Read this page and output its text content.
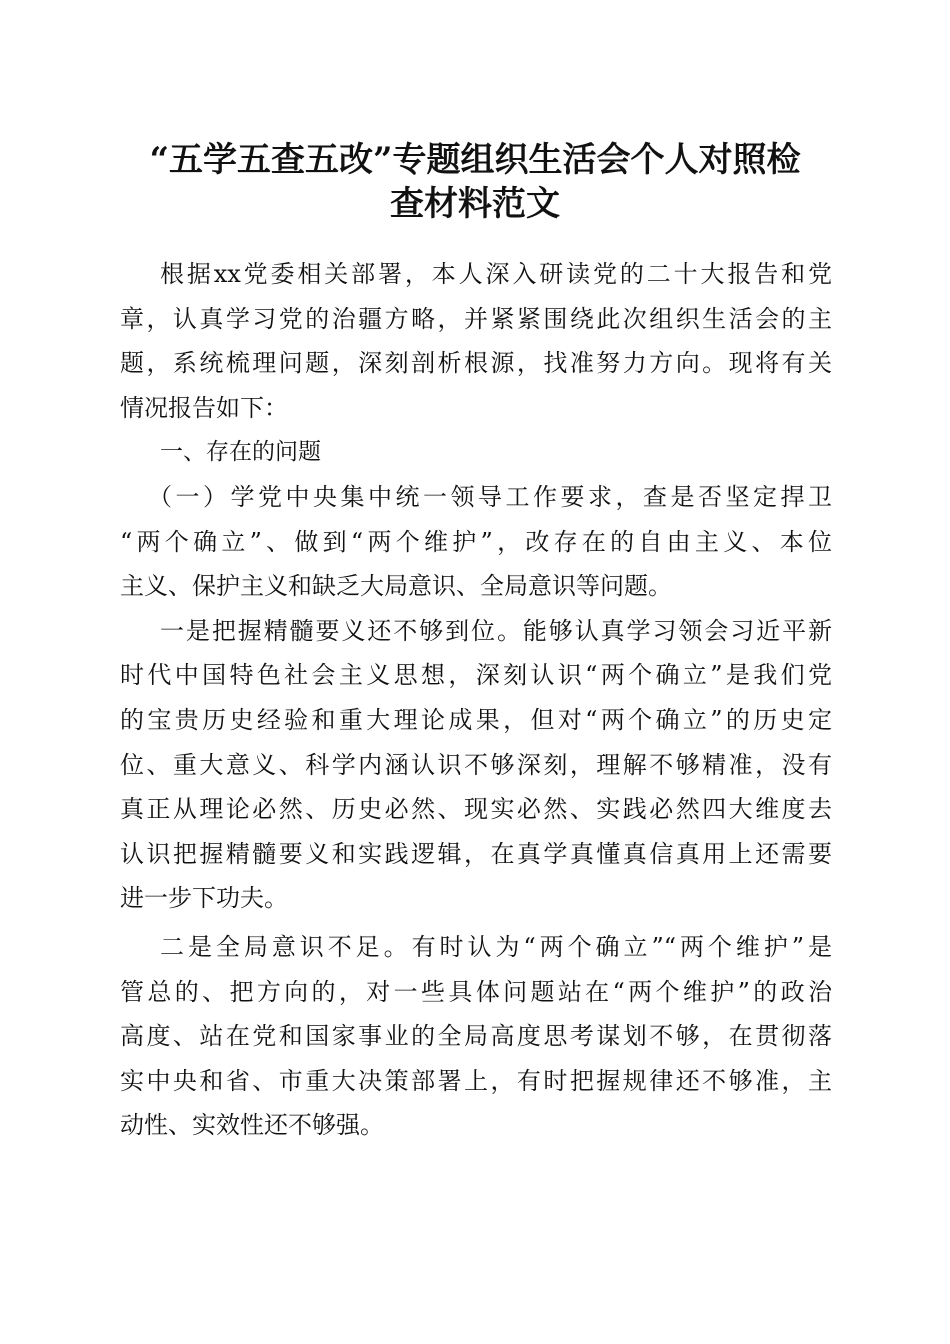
“五学五查五改”专题组织生活会个人对照检
查材料范文
根据xx党委相关部署，本人深入研读党的二十大报告和党
章，认真学习党的治疆方略，并紧紧围绕此次组织生活会的主
题，系统梳理问题，深刻剖析根源，找准努力方向。现将有关
情况报告如下：
一、存在的问题
（一）学党中央集中统一领导工作要求，查是否坚定捍卫
“两个确立”、做到“两个维护”，改存在的自由主义、本位
主义、保护主义和缺乏大局意识、全局意识等问题。
一是把握精髓要义还不够到位。能够认真学习领会习近平新
时代中国特色社会主义思想，深刻认识“两个确立”是我们党
的宝贵历史经验和重大理论成果，但对“两个确立”的历史定
位、重大意义、科学内涵认识不够深刻，理解不够精准，没有
真正从理论必然、历史必然、现实必然、实践必然四大维度去
认识把握精髓要义和实践逻辑，在真学真懂真信真用上还需要
进一步下功夫。
二是全局意识不足。有时认为“两个确立”“两个维护”是
管总的、把方向的，对一些具体问题站在“两个维护”的政治
高度、站在党和国家事业的全局高度思考谋划不够，在贯彻落
实中央和省、市重大决策部署上，有时把握规律还不够准，主
动性、实效性还不够强。
